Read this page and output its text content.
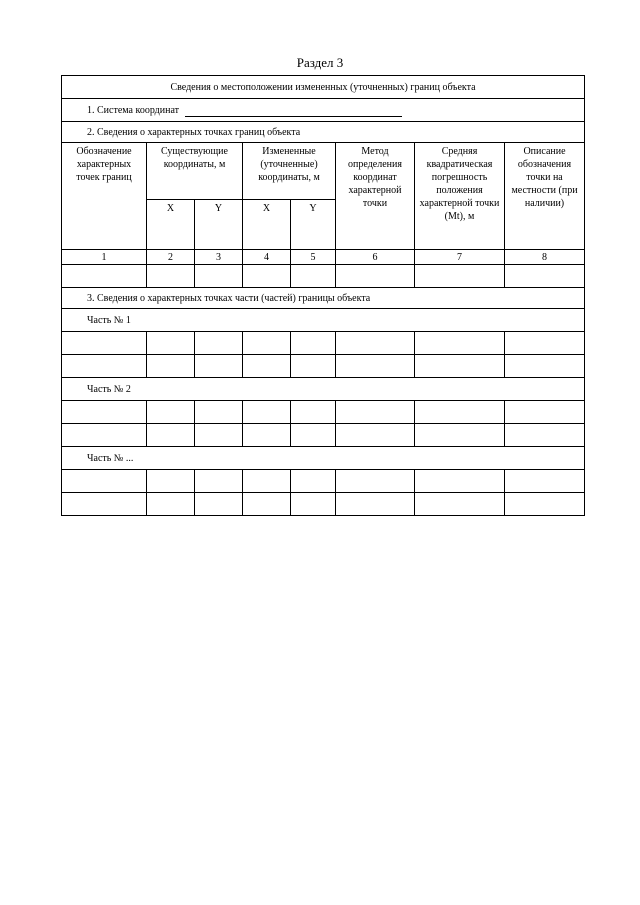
Раздел 3
Сведения о местоположении измененных (уточненных) границ объекта							
1. Система координат							
2. Сведения о характерных точках границ объекта							
Обозначение характерных точек границ	Существующие координаты, м		Измененные (уточненные) координаты, м		Метод определения координат характерной точки	Средняя квадратическая погрешность положения характерной точки (Mt), м	Описание обозначения точки на местности (при наличии)
	X	Y	X	Y			
1	2	3	4	5	6	7	8

3. Сведения о характерных точках части (частей) границы объекта							
Часть № 1							

Часть № 2							

Часть № ...							
